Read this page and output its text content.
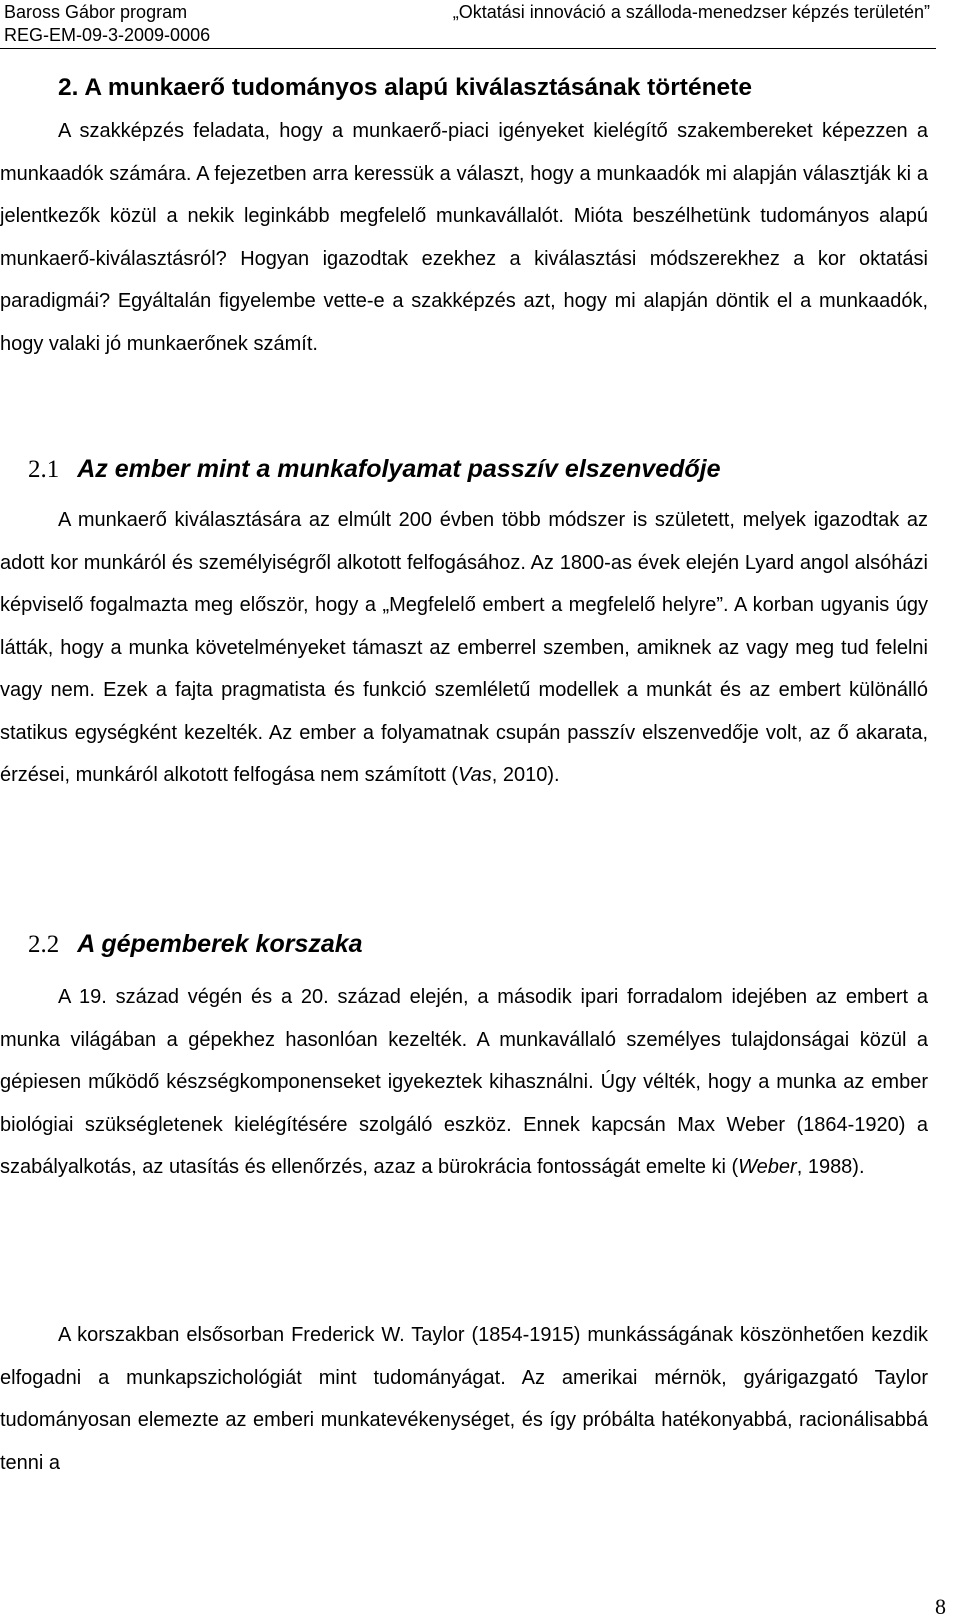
Baross Gábor program	„Oktatási innováció a szálloda-menedzser képzés területén”
REG-EM-09-3-2009-0006
2. A munkaerő tudományos alapú kiválasztásának története
A szakképzés feladata, hogy a munkaerő-piaci igényeket kielégítő szakembereket képezzen a munkaadók számára. A fejezetben arra keressük a választ, hogy a munkaadók mi alapján választják ki a jelentkezők közül a nekik leginkább megfelelő munkavállalót. Mióta beszélhetünk tudományos alapú munkaerő-kiválasztásról? Hogyan igazodtak ezekhez a kiválasztási módszerekhez a kor oktatási paradigmái? Egyáltalán figyelembe vette-e a szakképzés azt, hogy mi alapján döntik el a munkaadók, hogy valaki jó munkaerőnek számít.
2.1 Az ember mint a munkafolyamat passzív elszenvedője
A munkaerő kiválasztására az elmúlt 200 évben több módszer is született, melyek igazodtak az adott kor munkáról és személyiségről alkotott felfogásához. Az 1800-as évek elején Lyard angol alsóházi képviselő fogalmazta meg először, hogy a „Megfelelő embert a megfelelő helyre”. A korban ugyanis úgy látták, hogy a munka követelményeket támaszt az emberrel szemben, amiknek az vagy meg tud felelni vagy nem. Ezek a fajta pragmatista és funkció szemléletű modellek a munkát és az embert különálló statikus egységként kezelték. Az ember a folyamatnak csupán passzív elszenvedője volt, az ő akarata, érzései, munkáról alkotott felfogása nem számított (Vas, 2010).
2.2 A gépemberek korszaka
A 19. század végén és a 20. század elején, a második ipari forradalom idejében az embert a munka világában a gépekhez hasonlóan kezelték. A munkavállaló személyes tulajdonságai közül a gépiesen működő készségkomponenseket igyekeztek kihasználni. Úgy vélték, hogy a munka az ember biológiai szükségletenek kielégítésére szolgáló eszköz. Ennek kapcsán Max Weber (1864-1920) a szabályalkotás, az utasítás és ellenőrzés, azaz a bürokrácia fontosságát emelte ki (Weber, 1988).
A korszakban elsősorban Frederick W. Taylor (1854-1915) munkásságának köszönhetően kezdik elfogadni a munkapszichológiát mint tudományágat. Az amerikai mérnök, gyárigazgató Taylor tudományosan elemezte az emberi munkatevékenységet, és így próbálta hatékonyabbá, racionálisabbá tenni a
8
